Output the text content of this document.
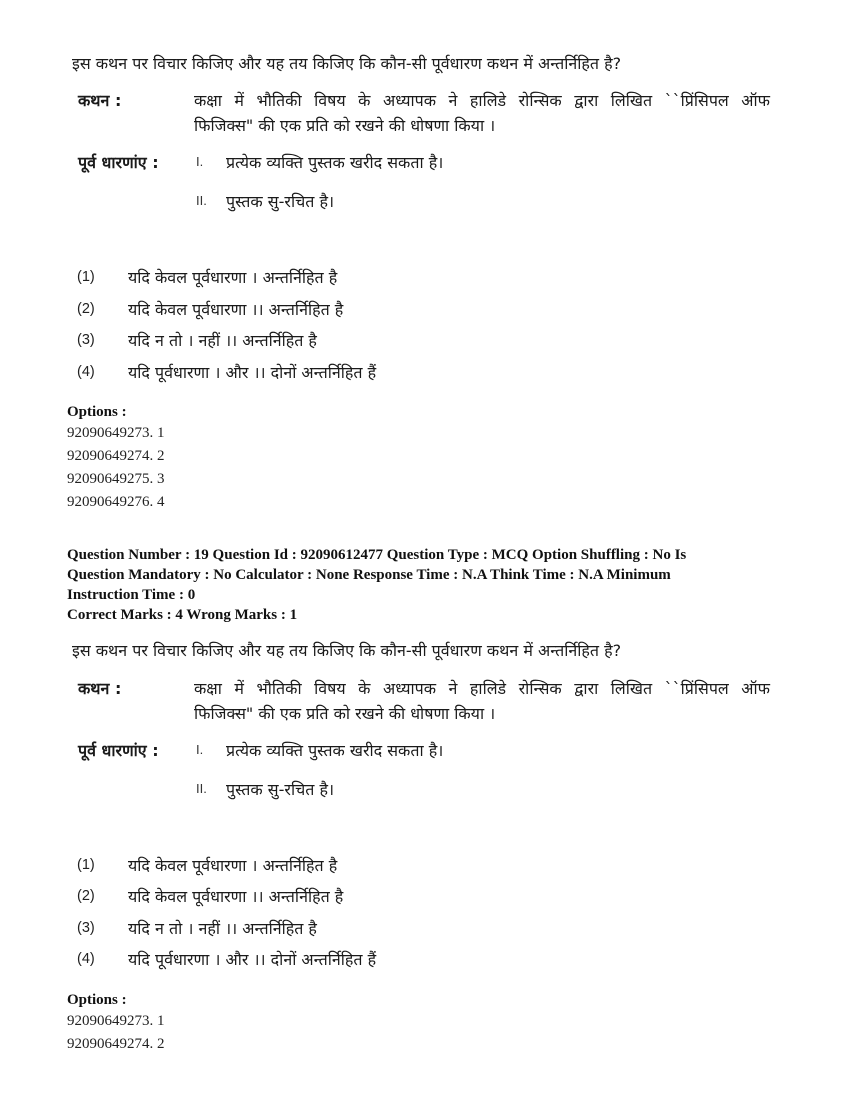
इस कथन पर विचार किजिए और यह तय किजिए कि कौन-सी पूर्वधारण कथन में अन्तर्निहित है?
कथन :	कक्षा में भौतिकी विषय के अध्यापक ने हालिडे रोन्सिक द्वारा लिखित ``प्रिंसिपल ऑफ
फिजिक्स" की एक प्रति को रखने की धोषणा किया ।
पूर्व धारणांए :	I. प्रत्येक व्यक्ति पुस्तक खरीद सकता है।
II. पुस्तक सु-रचित है।
(1) यदि केवल पूर्वधारणा । अन्तर्निहित है
(2) यदि केवल पूर्वधारणा ।। अन्तर्निहित है
(3) यदि न तो । नहीं ।। अन्तर्निहित है
(4) यदि पूर्वधारणा । और ।। दोनों अन्तर्निहित हैं
Options :
92090649273. 1
92090649274. 2
92090649275. 3
92090649276. 4
Question Number : 19 Question Id : 92090612477 Question Type : MCQ Option Shuffling : No Is
Question Mandatory : No Calculator : None Response Time : N.A Think Time : N.A Minimum
Instruction Time : 0
Correct Marks : 4 Wrong Marks : 1
इस कथन पर विचार किजिए और यह तय किजिए कि कौन-सी पूर्वधारण कथन में अन्तर्निहित है?
कथन :	कक्षा में भौतिकी विषय के अध्यापक ने हालिडे रोन्सिक द्वारा लिखित ``प्रिंसिपल ऑफ
फिजिक्स" की एक प्रति को रखने की धोषणा किया ।
पूर्व धारणांए :	I. प्रत्येक व्यक्ति पुस्तक खरीद सकता है।
II. पुस्तक सु-रचित है।
(1) यदि केवल पूर्वधारणा । अन्तर्निहित है
(2) यदि केवल पूर्वधारणा ।। अन्तर्निहित है
(3) यदि न तो । नहीं ।। अन्तर्निहित है
(4) यदि पूर्वधारणा । और ।। दोनों अन्तर्निहित हैं
Options :
92090649273. 1
92090649274. 2
